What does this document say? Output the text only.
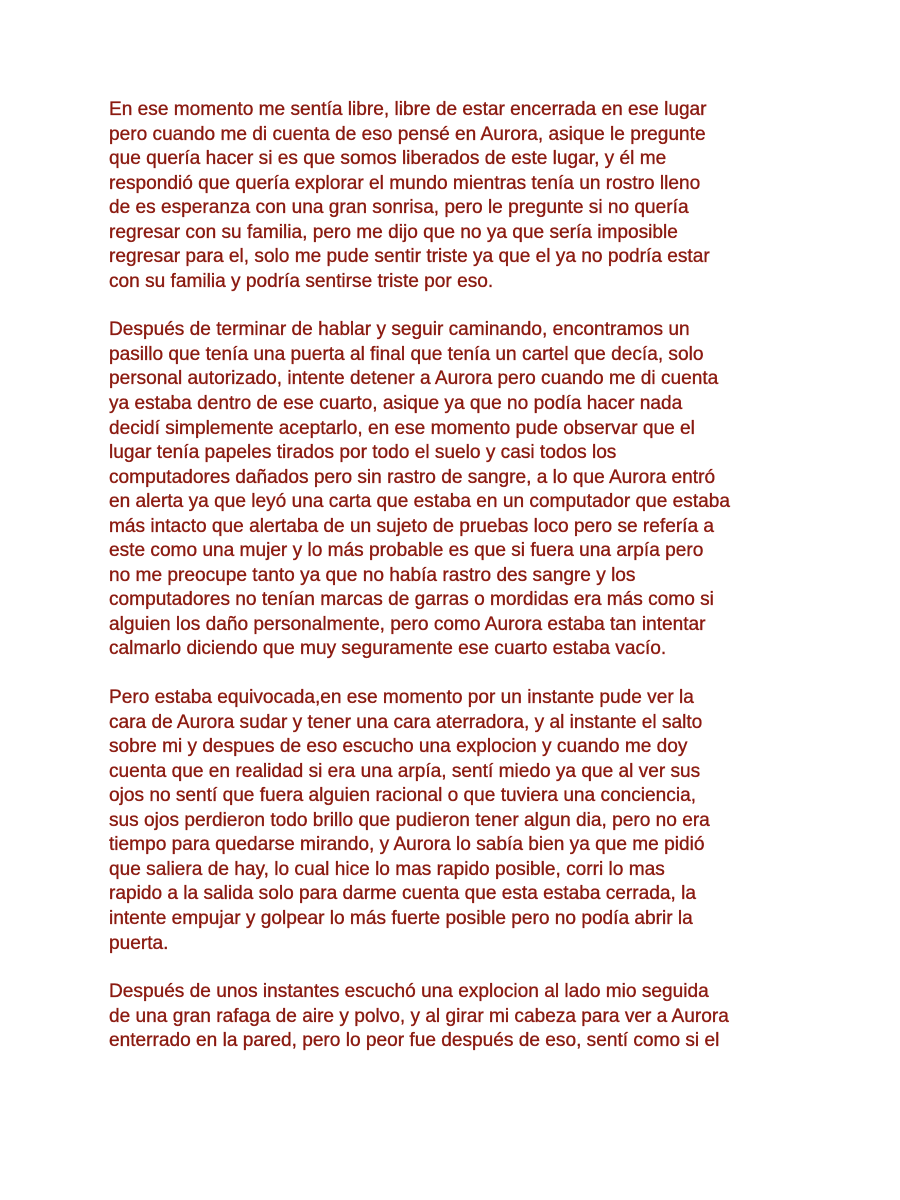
En ese momento me sentía libre, libre de estar encerrada en ese lugar
pero cuando me di cuenta de eso pensé en Aurora, asique le pregunte
que quería hacer si es que somos liberados de este lugar, y él me
respondió que quería explorar el mundo mientras tenía un rostro lleno
de es esperanza con una gran sonrisa, pero le pregunte si no quería
regresar con su familia, pero me dijo que no ya que sería imposible
regresar para el, solo me pude sentir triste ya que el ya no podría estar
con su familia y podría sentirse triste por eso.

Después de terminar de hablar y seguir caminando, encontramos un
pasillo que tenía una puerta al final que tenía un cartel que decía, solo
personal autorizado, intente detener a Aurora pero cuando me di cuenta
ya estaba dentro de ese cuarto, asique ya que no podía hacer nada
decidí simplemente aceptarlo, en ese momento pude observar que el
lugar tenía papeles tirados por todo el suelo y casi todos los
computadores dañados pero sin rastro de sangre, a lo que Aurora entró
en alerta ya que leyó una carta que estaba en un computador que estaba
más intacto que alertaba de un sujeto de pruebas loco pero se refería a
este como una mujer y lo más probable es que si fuera una arpía pero
no me preocupe tanto ya que no había rastro des sangre y los
computadores no tenían marcas de garras o mordidas era más como si
alguien los daño personalmente, pero como Aurora estaba tan intentar
calmarlo diciendo que muy seguramente ese cuarto estaba vacío.

Pero estaba equivocada,en ese momento por un instante pude ver la
cara de Aurora sudar y tener una cara aterradora, y al instante el salto
sobre mi y despues de eso escucho una explocion y cuando me doy
cuenta que en realidad si era una arpía, sentí miedo ya que al ver sus
ojos no sentí que fuera alguien racional o que tuviera una conciencia,
sus ojos perdieron todo brillo que pudieron tener algun dia, pero no era
tiempo para quedarse mirando, y Aurora lo sabía bien ya que me pidió
que saliera de hay, lo cual hice lo mas rapido posible, corri lo mas
rapido a la salida solo para darme cuenta que esta estaba cerrada, la
intente empujar y golpear lo más fuerte posible pero no podía abrir la
puerta.

Después de unos instantes escuchó una explocion al lado mio seguida
de una gran rafaga de aire y polvo, y al girar mi cabeza para ver a Aurora
enterrado en la pared, pero lo peor fue después de eso, sentí como si el
